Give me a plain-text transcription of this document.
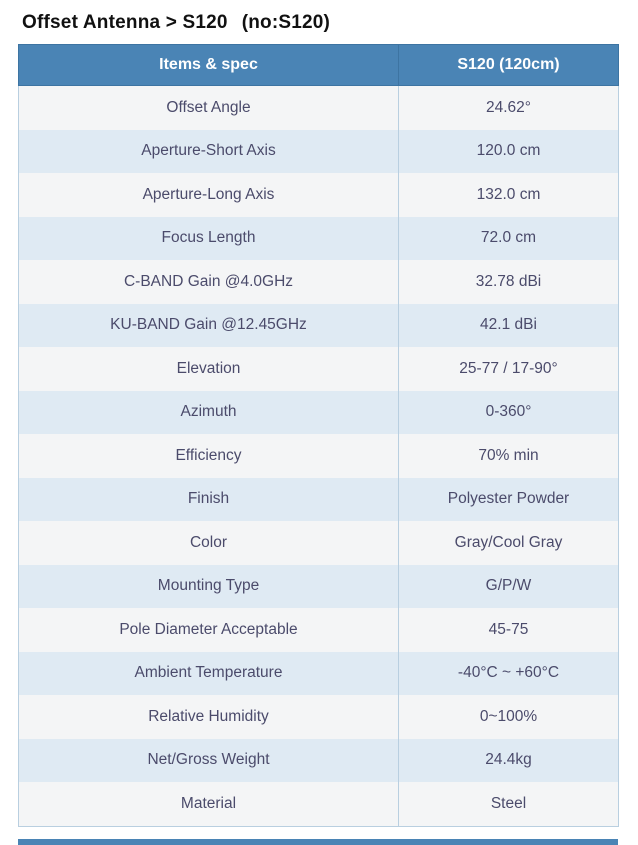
Offset Antenna > S120 (no:S120)
Items & spec	S120 (120cm)
Offset Angle	24.62°
Aperture-Short Axis	120.0 cm
Aperture-Long Axis	132.0 cm
Focus Length	72.0 cm
C-BAND Gain @4.0GHz	32.78 dBi
KU-BAND Gain @12.45GHz	42.1 dBi
Elevation	25-77 / 17-90°
Azimuth	0-360°
Efficiency	70% min
Finish	Polyester Powder
Color	Gray/Cool Gray
Mounting Type	G/P/W
Pole Diameter Acceptable	45-75
Ambient Temperature	-40°C ~ +60°C
Relative Humidity	0~100%
Net/Gross Weight	24.4kg
Material	Steel
